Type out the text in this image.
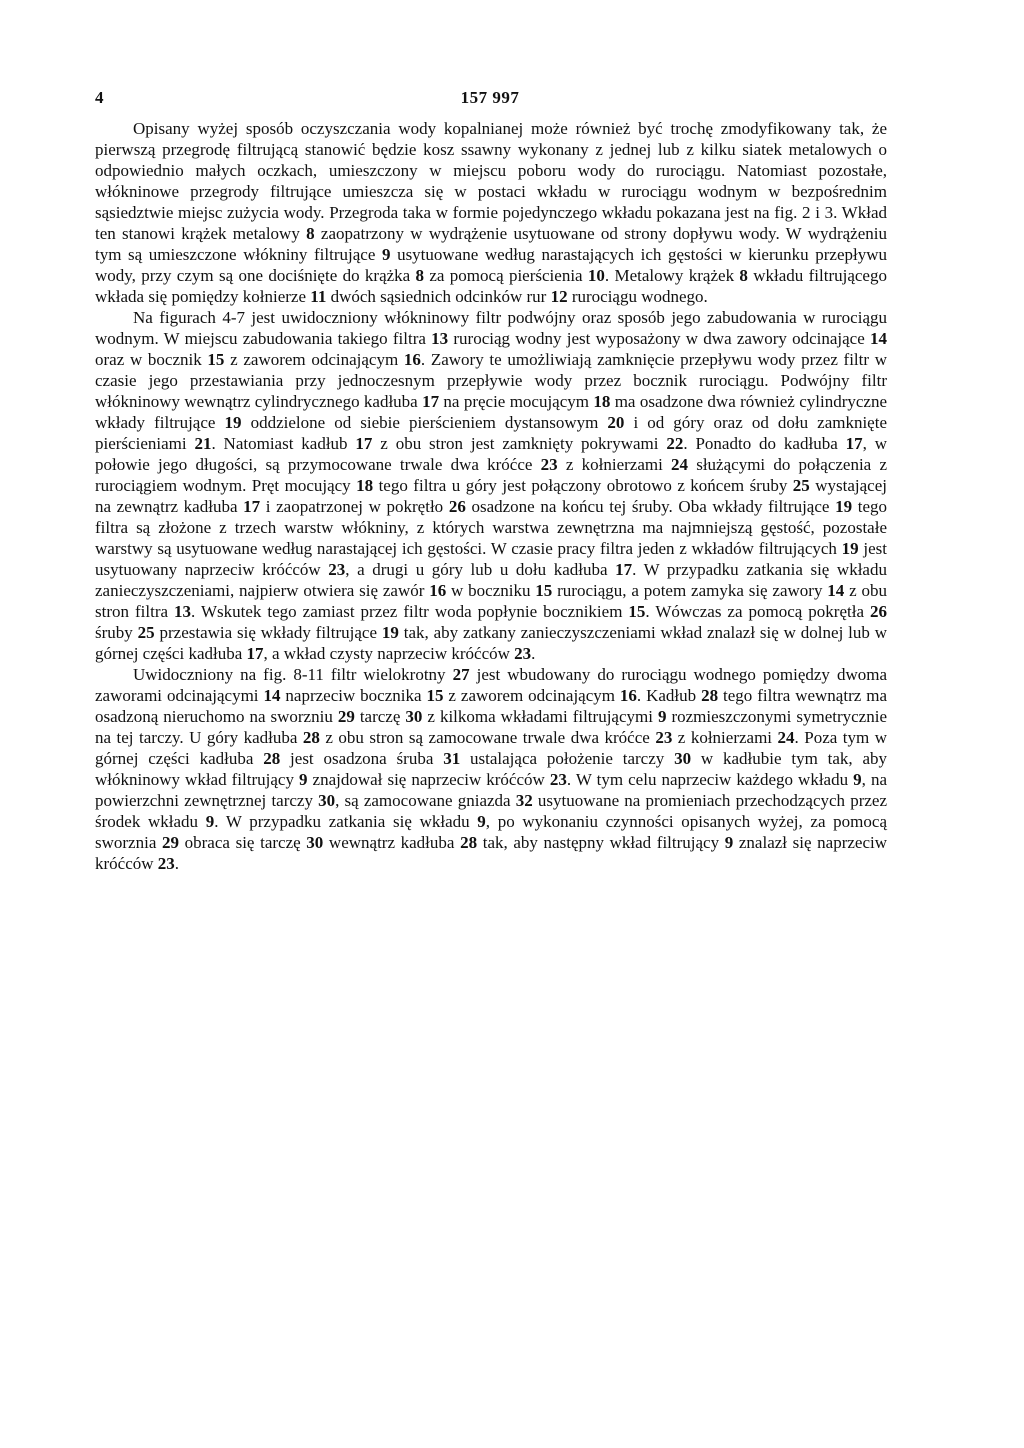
4	157 997

Opisany wyżej sposób oczyszczania wody kopalnianej może również być trochę zmodyfikowany tak, że pierwszą przegrodę filtrującą stanowić będzie kosz ssawny wykonany z jednej lub z kilku siatek metalowych o odpowiednio małych oczkach, umieszczony w miejscu poboru wody do rurociągu. Natomiast pozostałe, włókninowe przegrody filtrujące umieszcza się w postaci wkładu w rurociągu wodnym w bezpośrednim sąsiedztwie miejsc zużycia wody. Przegroda taka w formie pojedynczego wkładu pokazana jest na fig. 2 i 3. Wkład ten stanowi krążek metalowy 8 zaopatrzony w wydrążenie usytuowane od strony dopływu wody. W wydrążeniu tym są umieszczone włókniny filtrujące 9 usytuowane według narastających ich gęstości w kierunku przepływu wody, przy czym są one dociśnięte do krążka 8 za pomocą pierścienia 10. Metalowy krążek 8 wkładu filtrującego wkłada się pomiędzy kołnierze 11 dwóch sąsiednich odcinków rur 12 rurociągu wodnego.

Na figurach 4-7 jest uwidoczniony włókninowy filtr podwójny oraz sposób jego zabudowania w rurociągu wodnym. W miejscu zabudowania takiego filtra 13 rurociąg wodny jest wyposażony w dwa zawory odcinające 14 oraz w bocznik 15 z zaworem odcinającym 16. Zawory te umożliwiają zamknięcie przepływu wody przez filtr w czasie jego przestawiania przy jednoczesnym przepływie wody przez bocznik rurociągu. Podwójny filtr włókninowy wewnątrz cylindrycznego kadłuba 17 na pręcie mocującym 18 ma osadzone dwa również cylindryczne wkłady filtrujące 19 oddzielone od siebie pierścieniem dystansowym 20 i od góry oraz od dołu zamknięte pierścieniami 21. Natomiast kadłub 17 z obu stron jest zamknięty pokrywami 22. Ponadto do kadłuba 17, w połowie jego długości, są przymocowane trwale dwa króćce 23 z kołnierzami 24 służącymi do połączenia z rurociągiem wodnym. Pręt mocujący 18 tego filtra u góry jest połączony obrotowo z końcem śruby 25 wystającej na zewnątrz kadłuba 17 i zaopatrzonej w pokrętło 26 osadzone na końcu tej śruby. Oba wkłady filtrujące 19 tego filtra są złożone z trzech warstw włókniny, z których warstwa zewnętrzna ma najmniejszą gęstość, pozostałe warstwy są usytuowane według narastającej ich gęstości. W czasie pracy filtra jeden z wkładów filtrujących 19 jest usytuowany naprzeciw króćców 23, a drugi u góry lub u dołu kadłuba 17. W przypadku zatkania się wkładu zanieczyszczeniami, najpierw otwiera się zawór 16 w boczniku 15 rurociągu, a potem zamyka się zawory 14 z obu stron filtra 13. Wskutek tego zamiast przez filtr woda popłynie bocznikiem 15. Wówczas za pomocą pokrętła 26 śruby 25 przestawia się wkłady filtrujące 19 tak, aby zatkany zanieczyszczeniami wkład znalazł się w dolnej lub w górnej części kadłuba 17, a wkład czysty naprzeciw króćców 23.

Uwidoczniony na fig. 8-11 filtr wielokrotny 27 jest wbudowany do rurociągu wodnego pomiędzy dwoma zaworami odcinającymi 14 naprzeciw bocznika 15 z zaworem odcinającym 16. Kadłub 28 tego filtra wewnątrz ma osadzoną nieruchomo na sworzniu 29 tarczę 30 z kilkoma wkładami filtrującymi 9 rozmieszczonymi symetrycznie na tej tarczy. U góry kadłuba 28 z obu stron są zamocowane trwale dwa króćce 23 z kołnierzami 24. Poza tym w górnej części kadłuba 28 jest osadzona śruba 31 ustalająca położenie tarczy 30 w kadłubie tym tak, aby włókninowy wkład filtrujący 9 znajdował się naprzeciw króćców 23. W tym celu naprzeciw każdego wkładu 9, na powierzchni zewnętrznej tarczy 30, są zamocowane gniazda 32 usytuowane na promieniach przechodzących przez środek wkładu 9. W przypadku zatkania się wkładu 9, po wykonaniu czynności opisanych wyżej, za pomocą sworznia 29 obraca się tarczę 30 wewnątrz kadłuba 28 tak, aby następny wkład filtrujący 9 znalazł się naprzeciw króćców 23.
